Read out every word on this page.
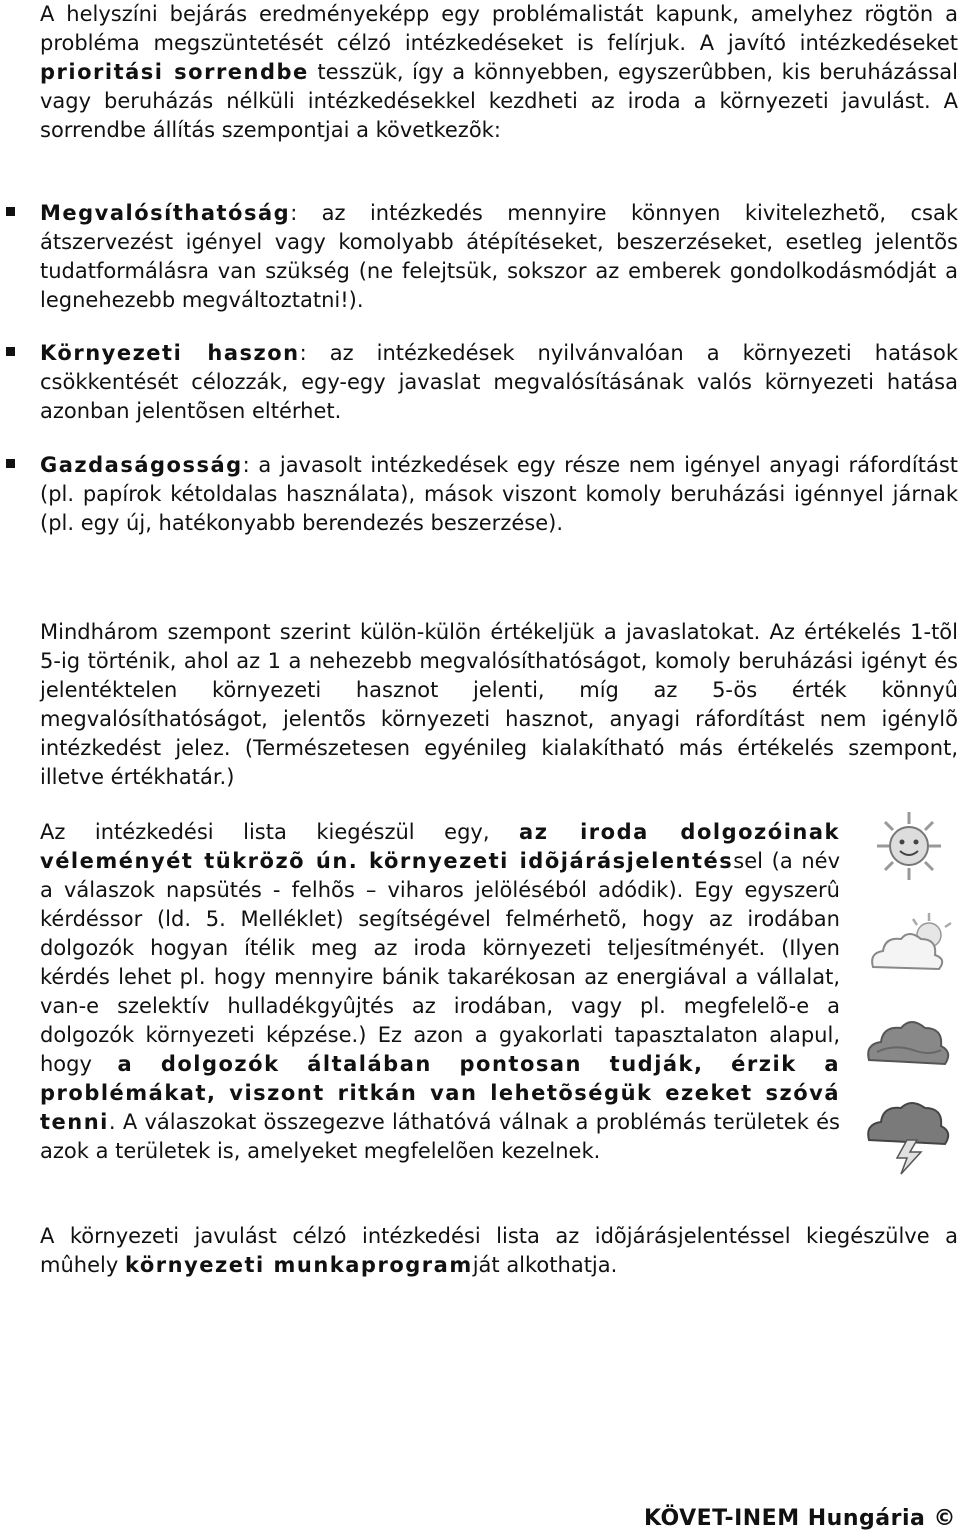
A helyszíni bejárás eredményeképp egy problémalistát kapunk, amelyhez rögtön a probléma megszüntetését célzó intézkedéseket is felírjuk. A javító intézkedéseket prioritási sorrendbe tesszük, így a könnyebben, egyszerûbben, kis beruházással vagy beruházás nélküli intézkedésekkel kezdheti az iroda a környezeti javulást. A sorrendbe állítás szempontjai a következõk:

Megvalósíthatóság: az intézkedés mennyire könnyen kivitelezhetõ, csak átszervezést igényel vagy komolyabb átépítéseket, beszerzéseket, esetleg jelentõs tudatformálásra van szükség (ne felejtsük, sokszor az emberek gondolkodásmódját a legnehezebb megváltoztatni!).

Környezeti haszon: az intézkedések nyilvánvalóan a környezeti hatások csökkentését célozzák, egy-egy javaslat megvalósításának valós környezeti hatása azonban jelentõsen eltérhet.

Gazdaságosság: a javasolt intézkedések egy része nem igényel anyagi ráfordítást (pl. papírok kétoldalas használata), mások viszont komoly beruházási igénnyel járnak (pl. egy új, hatékonyabb berendezés beszerzése).

Mindhárom szempont szerint külön-külön értékeljük a javaslatokat. Az értékelés 1-tõl 5-ig történik, ahol az 1 a nehezebb megvalósíthatóságot, komoly beruházási igényt és jelentéktelen környezeti hasznot jelenti, míg az 5-ös érték könnyû megvalósíthatóságot, jelentõs környezeti hasznot, anyagi ráfordítást nem igénylõ intézkedést jelez. (Természetesen egyénileg kialakítható más értékelés szempont, illetve értékhatár.)

Az intézkedési lista kiegészül egy, az iroda dolgozóinak véleményét tükrözõ ún. környezeti idõjárásjelentéssel (a név a válaszok napsütés - felhõs – viharos jelöléséból adódik). Egy egyszerû kérdéssor (ld. 5. Melléklet) segítségével felmérhetõ, hogy az irodában dolgozók hogyan ítélik meg az iroda környezeti teljesítményét. (Ilyen kérdés lehet pl. hogy mennyire bánik takarékosan az energiával a vállalat, van-e szelektív hulladékgyûjtés az irodában, vagy pl. megfelelõ-e a dolgozók környezeti képzése.) Ez azon a gyakorlati tapasztalaton alapul, hogy a dolgozók általában pontosan tudják, érzik a problémákat, viszont ritkán van lehetõségük ezeket szóvá tenni. A válaszokat összegezve láthatóvá válnak a problémás területek és azok a területek is, amelyeket megfelelõen kezelnek.

A környezeti javulást célzó intézkedési lista az idõjárásjelentéssel kiegészülve a mûhely környezeti munkaprogramját alkothatja.

KÖVET-INEM Hungária ©
